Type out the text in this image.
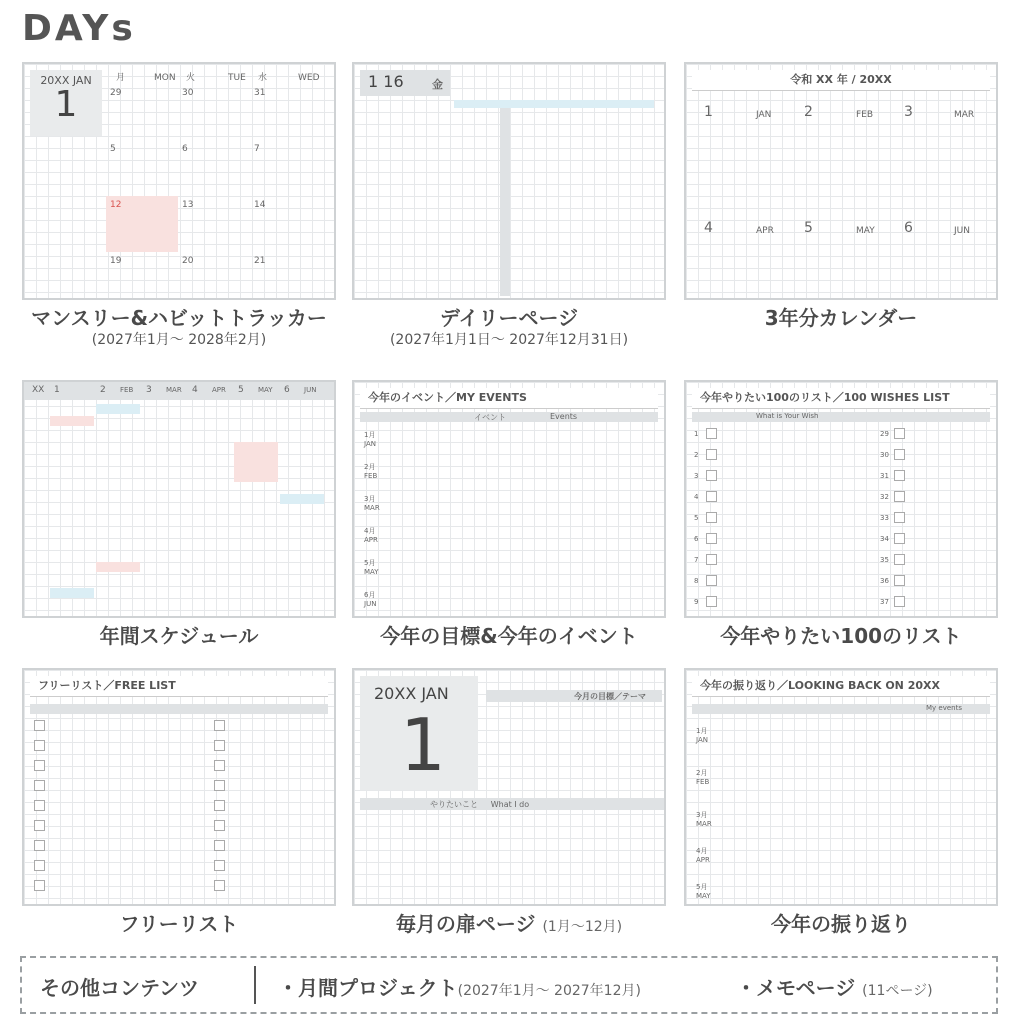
DAYs
20XX JAN
1
月	MON 火	TUE 水	WED
29	30	31
5	6	7
12	13	14
19	20	21
マンスリー&ハビットトラッカー
(2027年1月〜 2028年2月)
1 16	金
デイリーページ
(2027年1月1日〜 2027年12月31日)
令和 XX 年 / 20XX
1	JAN 2	FEB 3	MAR
4	APR 5	MAY 6	JUN
3年分カレンダー
XX 1	2 FEB 3 MAR 4 APR 5 MAY 6 JUN
年間スケジュール
今年のイベント／MY EVENTS
イベント	Events
1月
JAN
2月
FEB
3月
MAR
4月
APR
5月
MAY
6月
JUN
今年の目標&今年のイベント
今年やりたい100のリスト／100 WISHES LIST
What is Your Wish
1
2
3
4
5
6
7
8
9
29
30
31
32
33
34
35
36
37
今年やりたい100のリスト
フリーリスト／FREE LIST
フリーリスト
20XX JAN
1
今月の目標／テーマ
やりたいこと     What I do
毎月の扉ページ (1月〜12月)
今年の振り返り／LOOKING BACK ON 20XX
My events
1月
JAN
2月
FEB
3月
MAR
4月
APR
5月
MAY
今年の振り返り
その他コンテンツ	・月間プロジェクト(2027年1月〜 2027年12月)	・メモページ (11ページ)
